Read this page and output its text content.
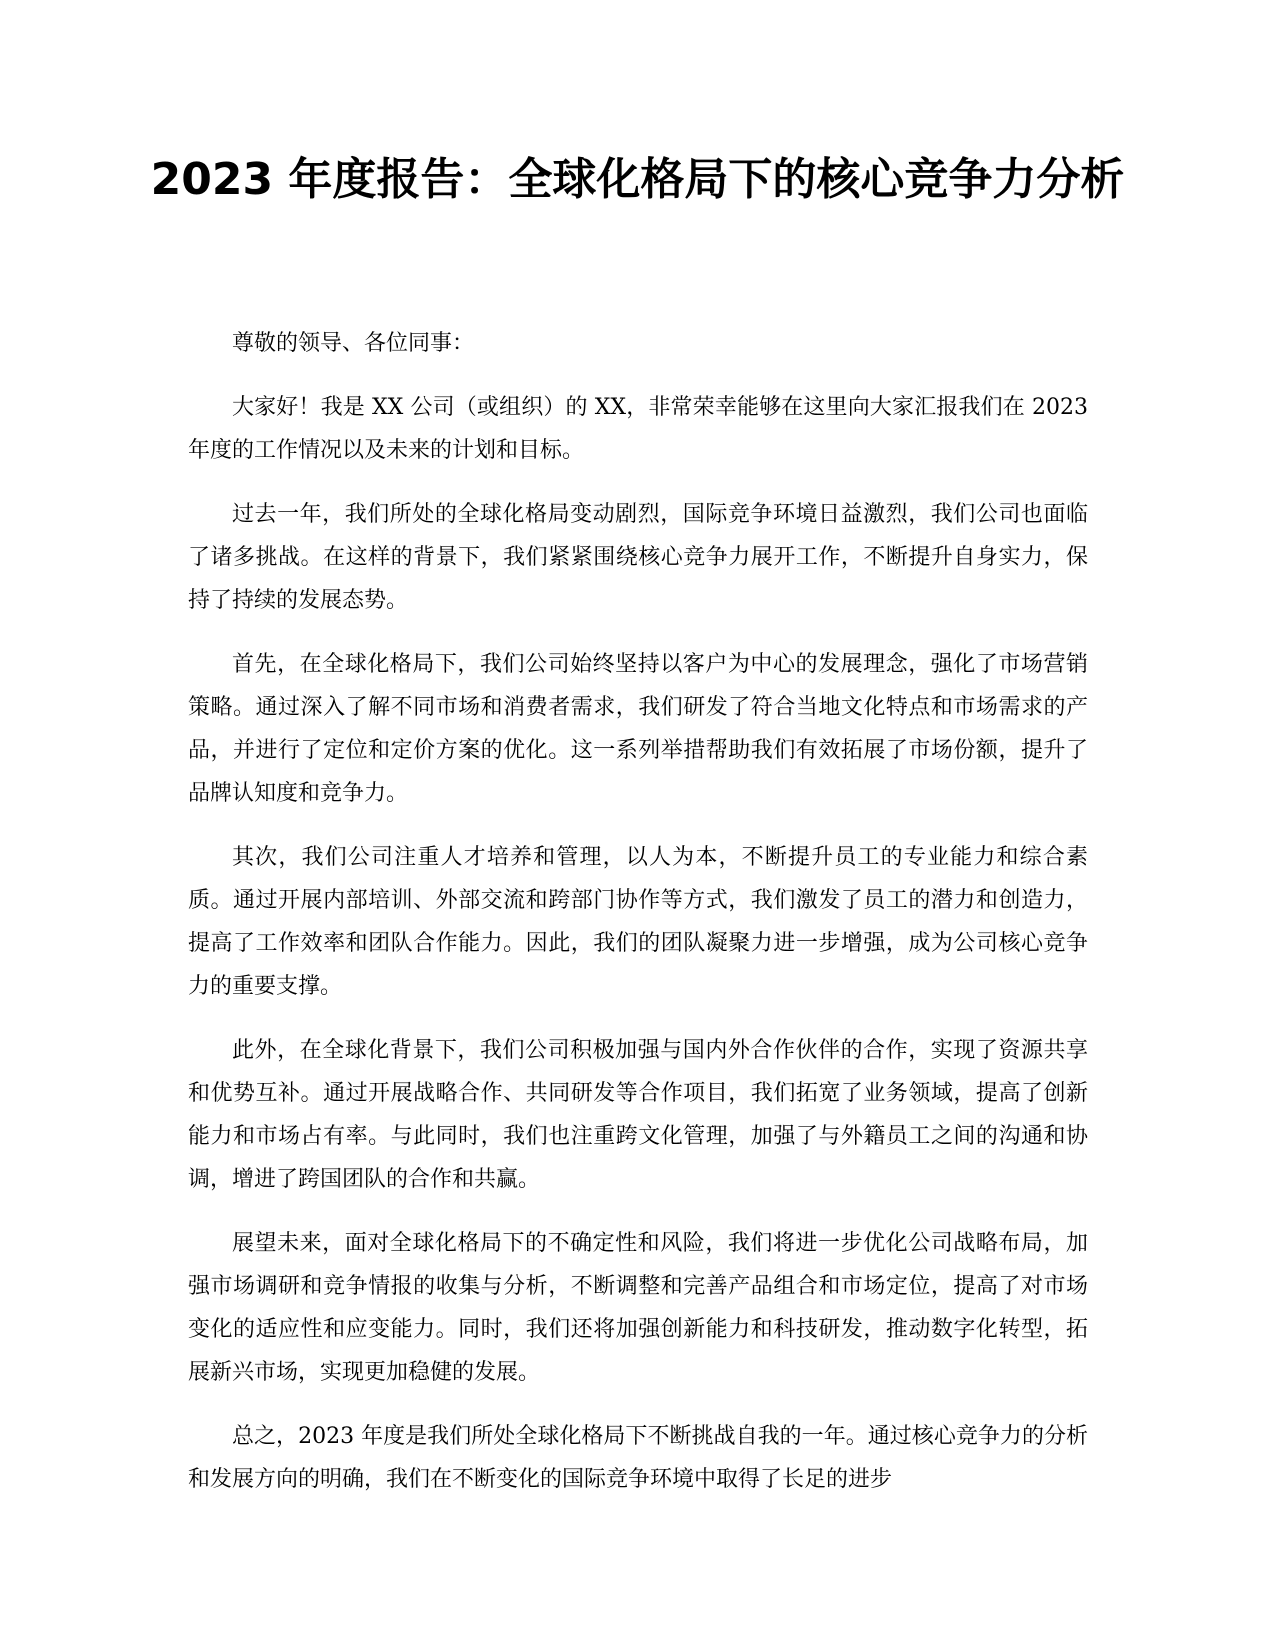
2023 年度报告：全球化格局下的核心竞争力分析

尊敬的领导、各位同事：

大家好！我是 XX 公司（或组织）的 XX，非常荣幸能够在这里向大家汇报我们在 2023 年度的工作情况以及未来的计划和目标。

过去一年，我们所处的全球化格局变动剧烈，国际竞争环境日益激烈，我们公司也面临了诸多挑战。在这样的背景下，我们紧紧围绕核心竞争力展开工作，不断提升自身实力，保持了持续的发展态势。

首先，在全球化格局下，我们公司始终坚持以客户为中心的发展理念，强化了市场营销策略。通过深入了解不同市场和消费者需求，我们研发了符合当地文化特点和市场需求的产品，并进行了定位和定价方案的优化。这一系列举措帮助我们有效拓展了市场份额，提升了品牌认知度和竞争力。

其次，我们公司注重人才培养和管理，以人为本，不断提升员工的专业能力和综合素质。通过开展内部培训、外部交流和跨部门协作等方式，我们激发了员工的潜力和创造力，提高了工作效率和团队合作能力。因此，我们的团队凝聚力进一步增强，成为公司核心竞争力的重要支撑。

此外，在全球化背景下，我们公司积极加强与国内外合作伙伴的合作，实现了资源共享和优势互补。通过开展战略合作、共同研发等合作项目，我们拓宽了业务领域，提高了创新能力和市场占有率。与此同时，我们也注重跨文化管理，加强了与外籍员工之间的沟通和协调，增进了跨国团队的合作和共赢。

展望未来，面对全球化格局下的不确定性和风险，我们将进一步优化公司战略布局，加强市场调研和竞争情报的收集与分析，不断调整和完善产品组合和市场定位，提高了对市场变化的适应性和应变能力。同时，我们还将加强创新能力和科技研发，推动数字化转型，拓展新兴市场，实现更加稳健的发展。

总之，2023 年度是我们所处全球化格局下不断挑战自我的一年。通过核心竞争力的分析和发展方向的明确，我们在不断变化的国际竞争环境中取得了长足的进步
